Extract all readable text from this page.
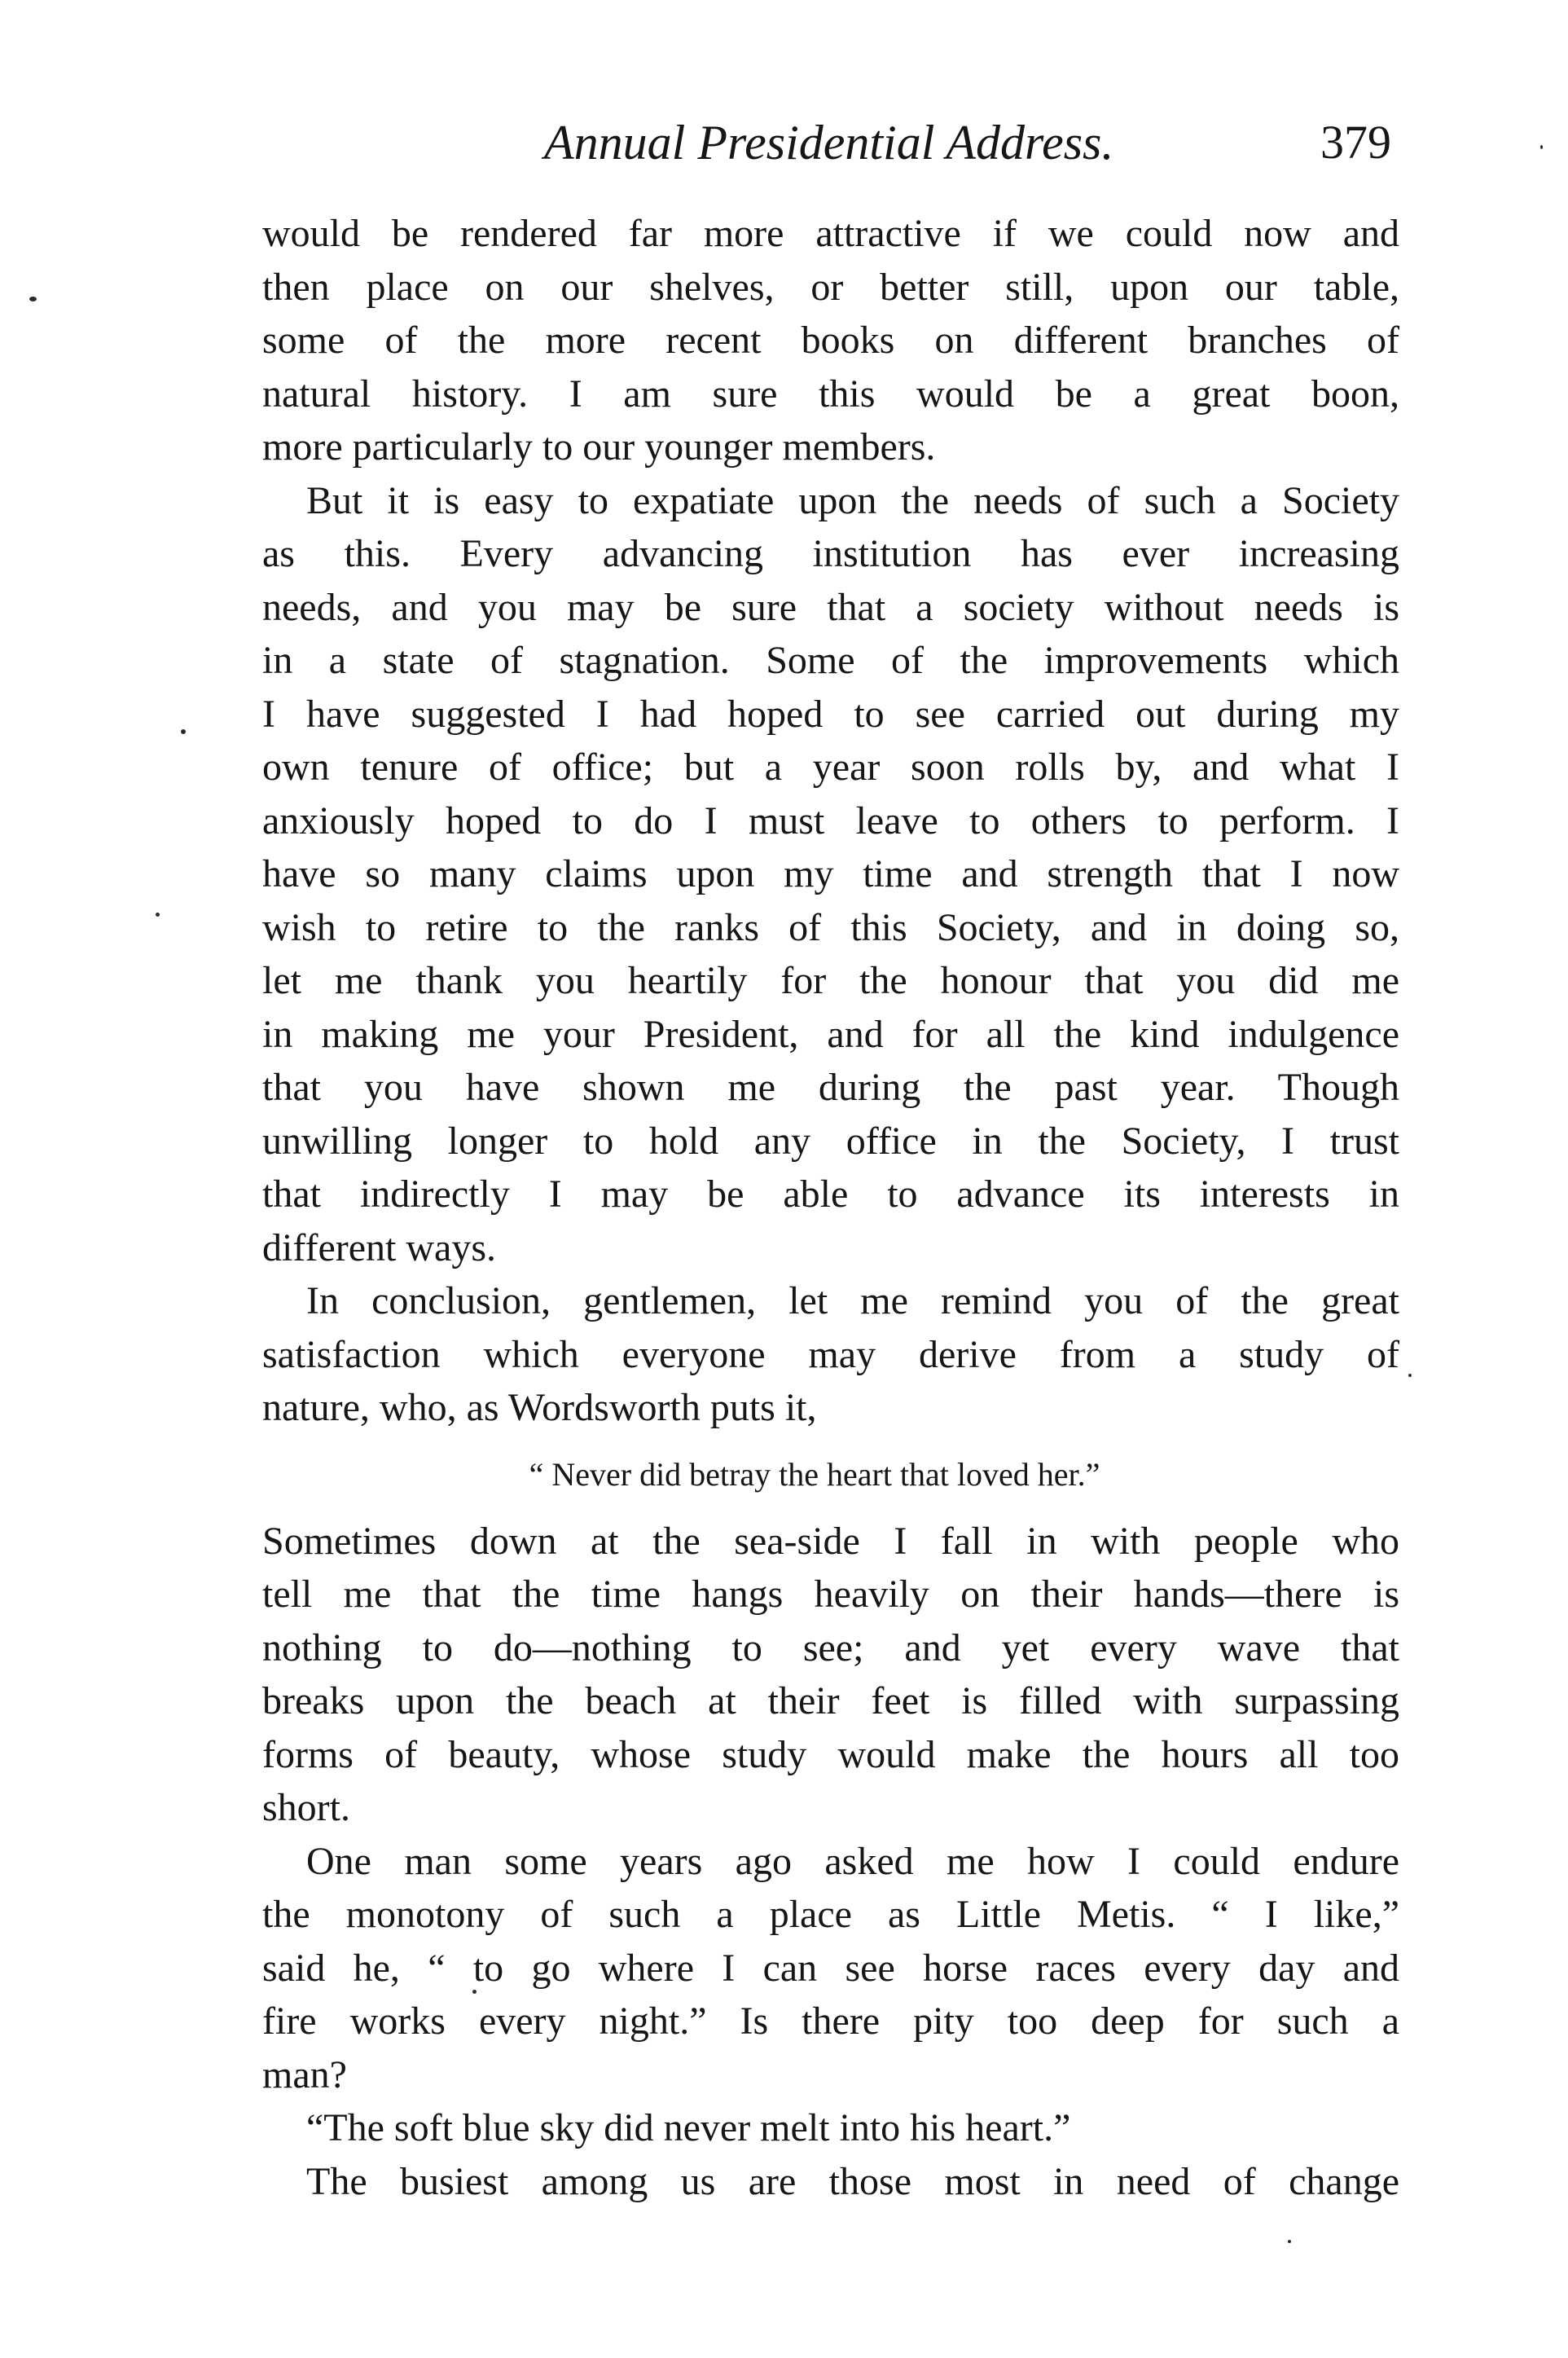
Annual Presidential Address.	379
would be rendered far more attractive if we could now and
then place on our shelves, or better still, upon our table,
some of the more recent books on different branches of
natural history. I am sure this would be a great boon,
more particularly to our younger members.
But it is easy to expatiate upon the needs of such a Society
as this. Every advancing institution has ever increasing
needs, and you may be sure that a society without needs is
in a state of stagnation. Some of the improvements which
I have suggested I had hoped to see carried out during my
own tenure of office; but a year soon rolls by, and what I
anxiously hoped to do I must leave to others to perform. I
have so many claims upon my time and strength that I now
wish to retire to the ranks of this Society, and in doing so,
let me thank you heartily for the honour that you did me
in making me your President, and for all the kind indulgence
that you have shown me during the past year. Though
unwilling longer to hold any office in the Society, I trust
that indirectly I may be able to advance its interests in
different ways.
In conclusion, gentlemen, let me remind you of the great
satisfaction which everyone may derive from a study of
nature, who, as Wordsworth puts it,
“ Never did betray the heart that loved her.”
Sometimes down at the sea-side I fall in with people who
tell me that the time hangs heavily on their hands—there is
nothing to do—nothing to see; and yet every wave that
breaks upon the beach at their feet is filled with surpassing
forms of beauty, whose study would make the hours all too
short.
One man some years ago asked me how I could endure
the monotony of such a place as Little Metis. “ I like,”
said he, “ to go where I can see horse races every day and
fire works every night.” Is there pity too deep for such a
man?
“The soft blue sky did never melt into his heart.”
The busiest among us are those most in need of change
